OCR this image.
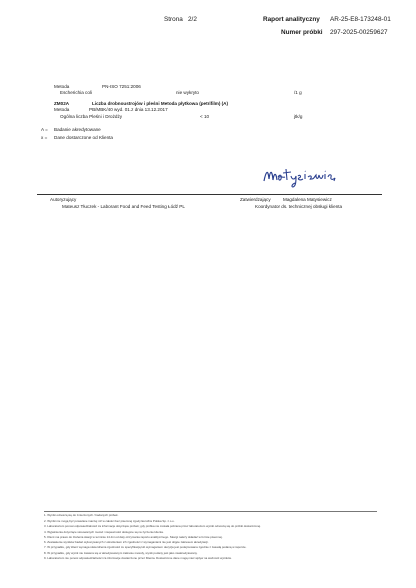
Strona 2/2	Raport analityczny AR-25-E8-173248-01
Numer próbki 297-2025-00259627
Metoda	PN-ISO 7251:2006
Escherichia coli	nie wykryto	/1 g
ZM02A	Liczba drobnoustrojów i pleśni Metoda płytkowa (petrifilm) (A)
Metoda	PB/MBK/40 wyd. 01.z dnia 13.12.2017
Ogólna liczba Pleśni i Drożdży	< 10	jtk/g
A = Badanie akredytowane
x = Dane dostarczone od Klienta
Autoryzujący
Mateusz Tłuczek - Laborant Food and Feed Testing Łódź PL
Zatwierdzający	Magdalena Matysiewicz
Koordynator ds. technicznej obsługi klienta
1. Wyniki odnoszą się do zmierzonych / badanych próbek.
2. Wyniki nie mogą być powielane inaczej niż w całości bez pisemnej zgody Eurofins Polska Sp. z o.o.
3. Laboratorium ponosi odpowiedzialność za informacje dotyczące próbek; gdy próbka nie została pobrana przez laboratorium wyniki odnoszą się do próbki dostarczonej.
4. Wyjaśnienia dotyczące stosowanych metod i niepewności dostępne są na życzenie klienta.
5. Klient ma prawo do złożenia skargi w terminie 14 dni od daty otrzymania raportu analitycznego. Skargi należy składać w formie pisemnej.
6. Zestawienie wyników badań wykonywanych z określeniem ich zgodności z wymaganiami nie jest objęte zakresem akredytacji.
7. W przypadku, gdy klient wymaga stwierdzenia zgodności ze specyfikacją lub wymaganiem decyzja jest podejmowana zgodnie z zasadą podaną w raporcie.
8. W przypadku, gdy wynik nie zawiera się w akredytowanym zakresie metody, wynik podany jest jako nieakredytowany.
9. Laboratorium nie ponosi odpowiedzialności za informacje dostarczone przez Klienta. Dostarczone dane mogą mieć wpływ na ważność wyników.
